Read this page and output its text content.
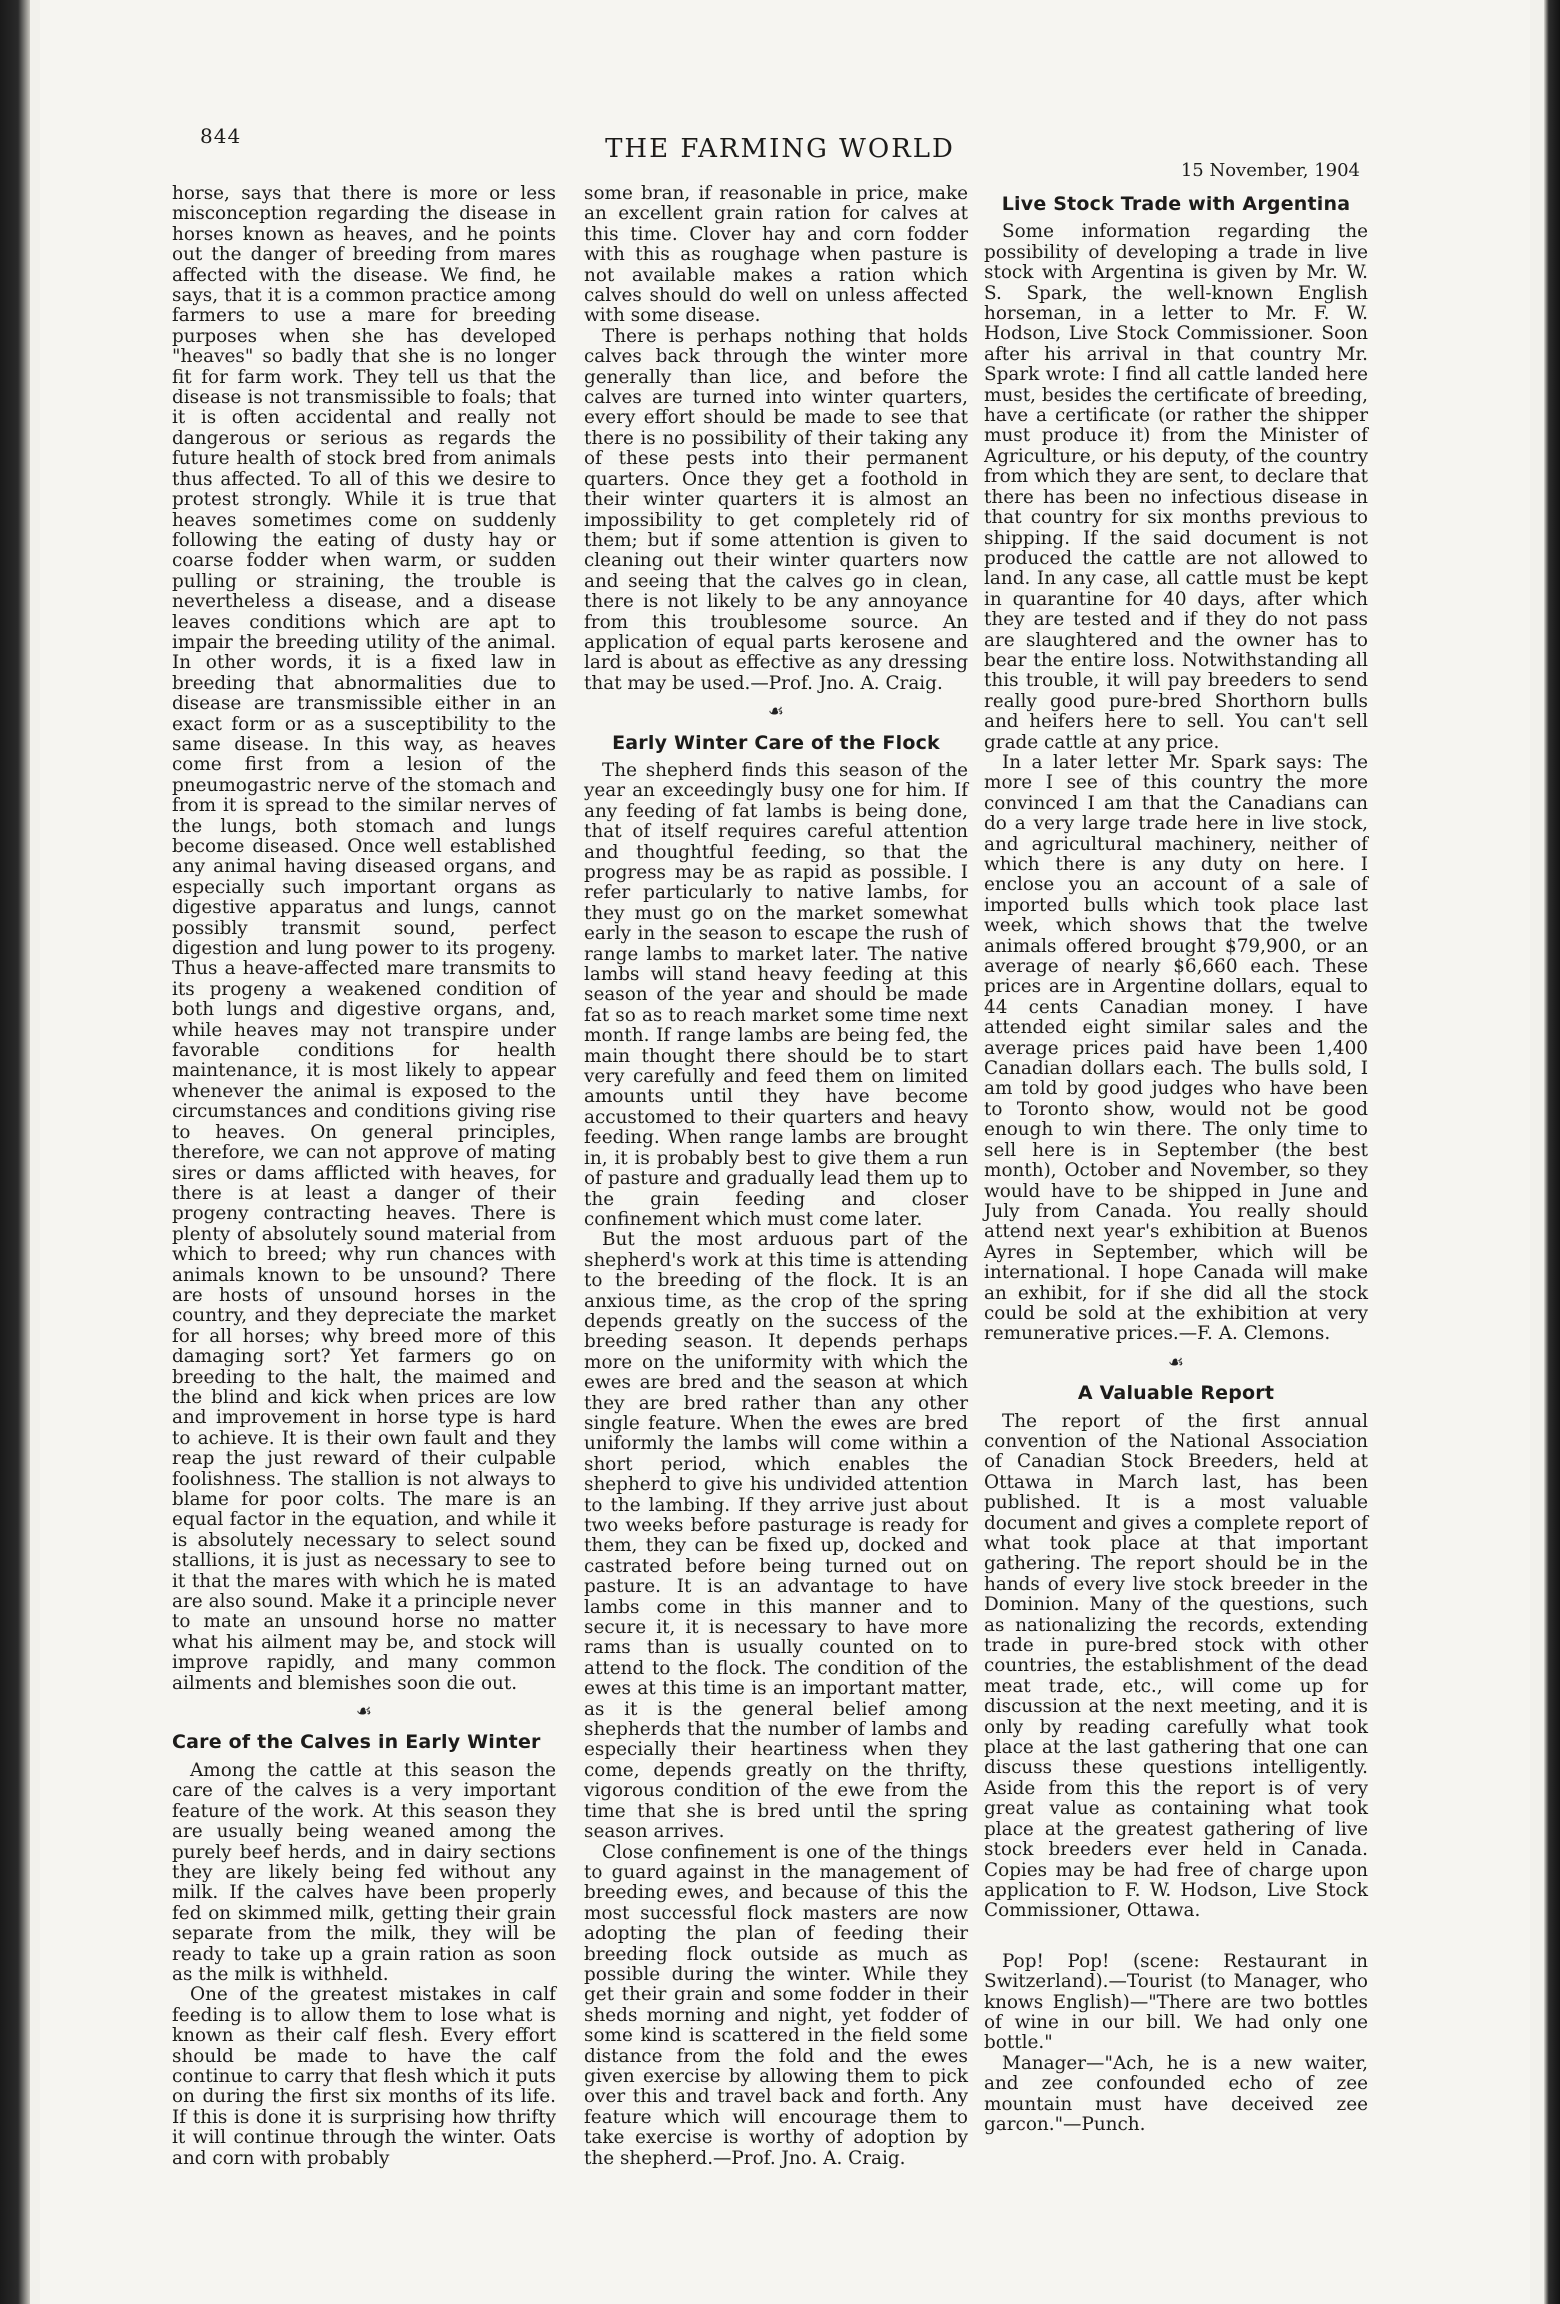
844	THE FARMING WORLD
15 November, 1904

horse, says that there is more or less misconception regarding the disease in horses known as heaves, and he points out the danger of breeding from mares affected with the disease. We find, he says, that it is a common practice among farmers to use a mare for breeding purposes when she has developed "heaves" so badly that she is no longer fit for farm work. They tell us that the disease is not transmissible to foals; that it is often accidental and really not dangerous or serious as regards the future health of stock bred from animals thus affected. To all of this we desire to protest strongly. While it is true that heaves sometimes come on suddenly following the eating of dusty hay or coarse fodder when warm, or sudden pulling or straining, the trouble is nevertheless a disease, and a disease leaves conditions which are apt to impair the breeding utility of the animal. In other words, it is a fixed law in breeding that abnormalities due to disease are transmissible either in an exact form or as a susceptibility to the same disease. In this way, as heaves come first from a lesion of the pneumogastric nerve of the stomach and from it is spread to the similar nerves of the lungs, both stomach and lungs become diseased. Once well established any animal having diseased organs, and especially such important organs as digestive apparatus and lungs, cannot possibly transmit sound, perfect digestion and lung power to its progeny. Thus a heave-affected mare transmits to its progeny a weakened condition of both lungs and digestive organs, and, while heaves may not transpire under favorable conditions for health maintenance, it is most likely to appear whenever the animal is exposed to the circumstances and conditions giving rise to heaves. On general principles, therefore, we can not approve of mating sires or dams afflicted with heaves, for there is at least a danger of their progeny contracting heaves. There is plenty of absolutely sound material from which to breed; why run chances with animals known to be unsound? There are hosts of unsound horses in the country, and they depreciate the market for all horses; why breed more of this damaging sort? Yet farmers go on breeding to the halt, the maimed and the blind and kick when prices are low and improvement in horse type is hard to achieve. It is their own fault and they reap the just reward of their culpable foolishness. The stallion is not always to blame for poor colts. The mare is an equal factor in the equation, and while it is absolutely necessary to select sound stallions, it is just as necessary to see to it that the mares with which he is mated are also sound. Make it a principle never to mate an unsound horse no matter what his ailment may be, and stock will improve rapidly, and many common ailments and blemishes soon die out.

☙
Care of the Calves in Early Winter

Among the cattle at this season the care of the calves is a very important feature of the work. At this season they are usually being weaned among the purely beef herds, and in dairy sections they are likely being fed without any milk. If the calves have been properly fed on skimmed milk, getting their grain separate from the milk, they will be ready to take up a grain ration as soon as the milk is withheld.

One of the greatest mistakes in calf feeding is to allow them to lose what is known as their calf flesh. Every effort should be made to have the calf continue to carry that flesh which it puts on during the first six months of its life. If this is done it is surprising how thrifty it will continue through the winter. Oats and corn with probably

some bran, if reasonable in price, make an excellent grain ration for calves at this time. Clover hay and corn fodder with this as roughage when pasture is not available makes a ration which calves should do well on unless affected with some disease.

There is perhaps nothing that holds calves back through the winter more generally than lice, and before the calves are turned into winter quarters, every effort should be made to see that there is no possibility of their taking any of these pests into their permanent quarters. Once they get a foothold in their winter quarters it is almost an impossibility to get completely rid of them; but if some attention is given to cleaning out their winter quarters now and seeing that the calves go in clean, there is not likely to be any annoyance from this troublesome source. An application of equal parts kerosene and lard is about as effective as any dressing that may be used.—Prof. Jno. A. Craig.

☙
Early Winter Care of the Flock

The shepherd finds this season of the year an exceedingly busy one for him. If any feeding of fat lambs is being done, that of itself requires careful attention and thoughtful feeding, so that the progress may be as rapid as possible. I refer particularly to native lambs, for they must go on the market somewhat early in the season to escape the rush of range lambs to market later. The native lambs will stand heavy feeding at this season of the year and should be made fat so as to reach market some time next month. If range lambs are being fed, the main thought there should be to start very carefully and feed them on limited amounts until they have become accustomed to their quarters and heavy feeding. When range lambs are brought in, it is probably best to give them a run of pasture and gradually lead them up to the grain feeding and closer confinement which must come later.

But the most arduous part of the shepherd's work at this time is attending to the breeding of the flock. It is an anxious time, as the crop of the spring depends greatly on the success of the breeding season. It depends perhaps more on the uniformity with which the ewes are bred and the season at which they are bred rather than any other single feature. When the ewes are bred uniformly the lambs will come within a short period, which enables the shepherd to give his undivided attention to the lambing. If they arrive just about two weeks before pasturage is ready for them, they can be fixed up, docked and castrated before being turned out on pasture. It is an advantage to have lambs come in this manner and to secure it, it is necessary to have more rams than is usually counted on to attend to the flock. The condition of the ewes at this time is an important matter, as it is the general belief among shepherds that the number of lambs and especially their heartiness when they come, depends greatly on the thrifty, vigorous condition of the ewe from the time that she is bred until the spring season arrives.

Close confinement is one of the things to guard against in the management of breeding ewes, and because of this the most successful flock masters are now adopting the plan of feeding their breeding flock outside as much as possible during the winter. While they get their grain and some fodder in their sheds morning and night, yet fodder of some kind is scattered in the field some distance from the fold and the ewes given exercise by allowing them to pick over this and travel back and forth. Any feature which will encourage them to take exercise is worthy of adoption by the shepherd.—Prof. Jno. A. Craig.

Live Stock Trade with Argentina

Some information regarding the possibility of developing a trade in live stock with Argentina is given by Mr. W. S. Spark, the well-known English horseman, in a letter to Mr. F. W. Hodson, Live Stock Commissioner. Soon after his arrival in that country Mr. Spark wrote: I find all cattle landed here must, besides the certificate of breeding, have a certificate (or rather the shipper must produce it) from the Minister of Agriculture, or his deputy, of the country from which they are sent, to declare that there has been no infectious disease in that country for six months previous to shipping. If the said document is not produced the cattle are not allowed to land. In any case, all cattle must be kept in quarantine for 40 days, after which they are tested and if they do not pass are slaughtered and the owner has to bear the entire loss. Notwithstanding all this trouble, it will pay breeders to send really good pure-bred Shorthorn bulls and heifers here to sell. You can't sell grade cattle at any price.

In a later letter Mr. Spark says: The more I see of this country the more convinced I am that the Canadians can do a very large trade here in live stock, and agricultural machinery, neither of which there is any duty on here. I enclose you an account of a sale of imported bulls which took place last week, which shows that the twelve animals offered brought $79,900, or an average of nearly $6,660 each. These prices are in Argentine dollars, equal to 44 cents Canadian money. I have attended eight similar sales and the average prices paid have been 1,400 Canadian dollars each. The bulls sold, I am told by good judges who have been to Toronto show, would not be good enough to win there. The only time to sell here is in September (the best month), October and November, so they would have to be shipped in June and July from Canada. You really should attend next year's exhibition at Buenos Ayres in September, which will be international. I hope Canada will make an exhibit, for if she did all the stock could be sold at the exhibition at very remunerative prices.—F. A. Clemons.

☙
A Valuable Report

The report of the first annual convention of the National Association of Canadian Stock Breeders, held at Ottawa in March last, has been published. It is a most valuable document and gives a complete report of what took place at that important gathering. The report should be in the hands of every live stock breeder in the Dominion. Many of the questions, such as nationalizing the records, extending trade in pure-bred stock with other countries, the establishment of the dead meat trade, etc., will come up for discussion at the next meeting, and it is only by reading carefully what took place at the last gathering that one can discuss these questions intelligently. Aside from this the report is of very great value as containing what took place at the greatest gathering of live stock breeders ever held in Canada. Copies may be had free of charge upon application to F. W. Hodson, Live Stock Commissioner, Ottawa.

Pop! Pop! (scene: Restaurant in Switzerland).—Tourist (to Manager, who knows English)—"There are two bottles of wine in our bill. We had only one bottle."

Manager—"Ach, he is a new waiter, and zee confounded echo of zee mountain must have deceived zee garcon."—Punch.
